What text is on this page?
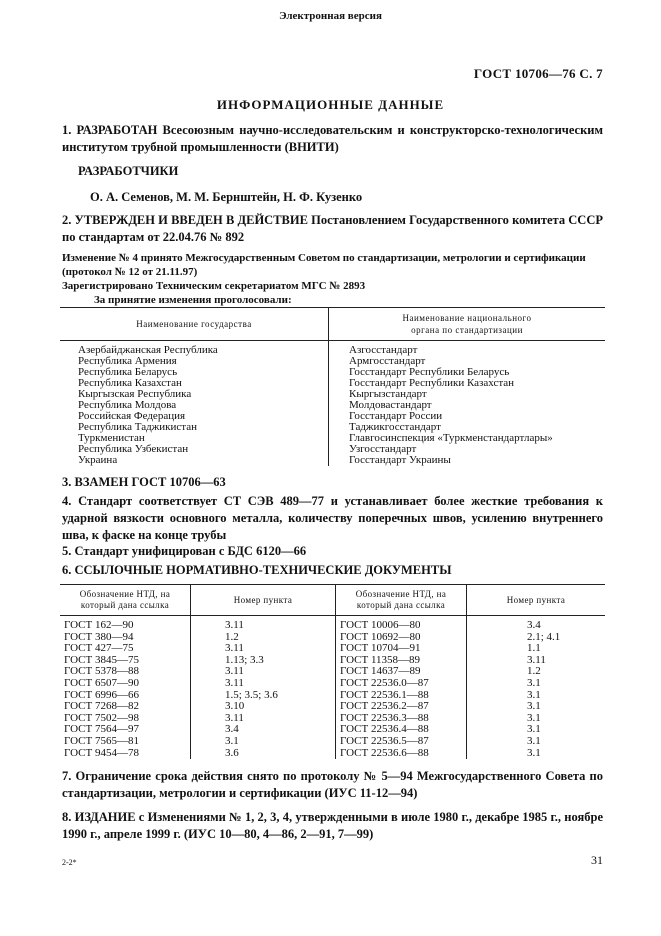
Электронная версия
ГОСТ 10706—76 С. 7
ИНФОРМАЦИОННЫЕ ДАННЫЕ
1. РАЗРАБОТАН Всесоюзным научно-исследовательским и конструкторско-технологическим институтом трубной промышленности (ВНИТИ)
РАЗРАБОТЧИКИ
О. А. Семенов, М. М. Бернштейн, Н. Ф. Кузенко
2. УТВЕРЖДЕН И ВВЕДЕН В ДЕЙСТВИЕ Постановлением Государственного комитета СССР по стандартам от 22.04.76 № 892
Изменение № 4 принято Межгосударственным Советом по стандартизации, метрологии и сертификации (протокол № 12 от 21.11.97)
Зарегистрировано Техническим секретариатом МГС № 2893
За принятие изменения проголосовали:
Наименование государства	Наименование национального
органа по стандартизации
Азербайджанская Республика	Азгосстандарт
Республика Армения	Армгосстандарт
Республика Беларусь	Госстандарт Республики Беларусь
Республика Казахстан	Госстандарт Республики Казахстан
Кыргызская Республика	Кыргызстандарт
Республика Молдова	Молдовастандарт
Российская Федерация	Госстандарт России
Республика Таджикистан	Таджикгосстандарт
Туркменистан	Главгосинспекция «Туркменстандартлары»
Республика Узбекистан	Узгосстандарт
Украина	Госстандарт Украины
3. ВЗАМЕН ГОСТ 10706—63
4. Стандарт соответствует СТ СЭВ 489—77 и устанавливает более жесткие требования к ударной вязкости основного металла, количеству поперечных швов, усилению внутреннего шва, к фаске на конце трубы
5. Стандарт унифицирован с БДС 6120—66
6. ССЫЛОЧНЫЕ НОРМАТИВНО-ТЕХНИЧЕСКИЕ ДОКУМЕНТЫ
Обозначение НТД, на
который дана ссылка	Номер пункта	Обозначение НТД, на
который дана ссылка	Номер пункта
ГОСТ 162—90	3.11	ГОСТ 10006—80	3.4
ГОСТ 380—94	1.2	ГОСТ 10692—80	2.1; 4.1
ГОСТ 427—75	3.11	ГОСТ 10704—91	1.1
ГОСТ 3845—75	1.13; 3.3	ГОСТ 11358—89	3.11
ГОСТ 5378—88	3.11	ГОСТ 14637—89	1.2
ГОСТ 6507—90	3.11	ГОСТ 22536.0—87	3.1
ГОСТ 6996—66	1.5; 3.5; 3.6	ГОСТ 22536.1—88	3.1
ГОСТ 7268—82	3.10	ГОСТ 22536.2—87	3.1
ГОСТ 7502—98	3.11	ГОСТ 22536.3—88	3.1
ГОСТ 7564—97	3.4	ГОСТ 22536.4—88	3.1
ГОСТ 7565—81	3.1	ГОСТ 22536.5—87	3.1
ГОСТ 9454—78	3.6	ГОСТ 22536.6—88	3.1
7. Ограничение срока действия снято по протоколу № 5—94 Межгосударственного Совета по стандартизации, метрологии и сертификации (ИУС 11-12—94)
8. ИЗДАНИЕ с Изменениями № 1, 2, 3, 4, утвержденными в июле 1980 г., декабре 1985 г., ноябре 1990 г., апреле 1999 г. (ИУС 10—80, 4—86, 2—91, 7—99)
2-2*	31
